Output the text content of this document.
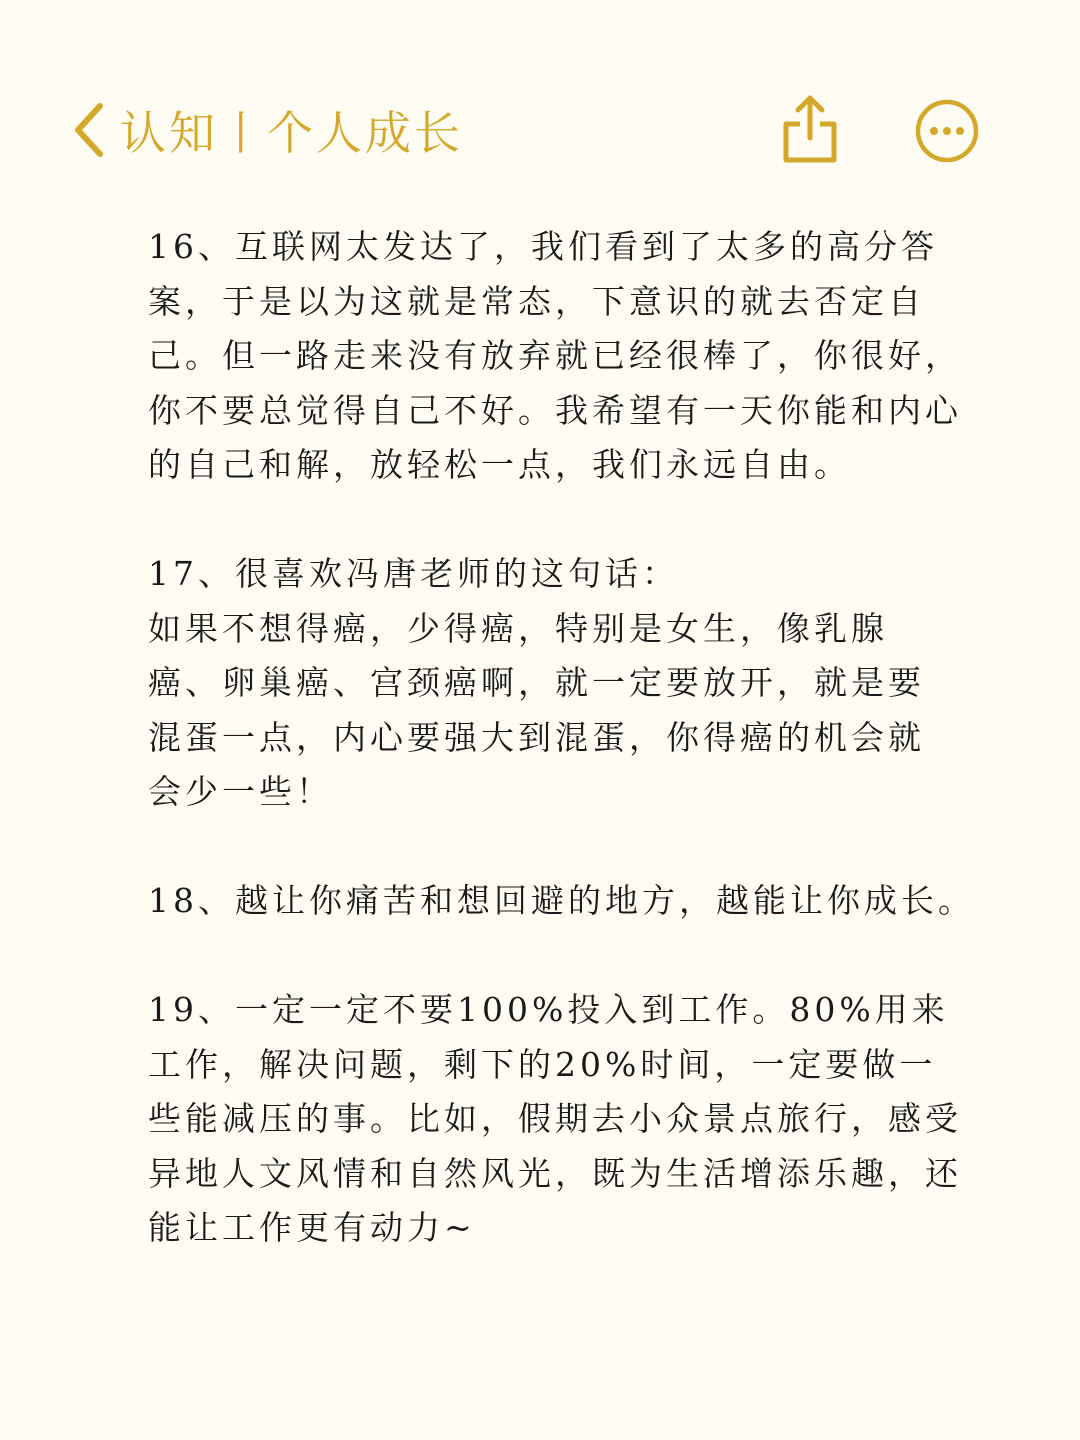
认知丨个人成长
16、互联网太发达了，我们看到了太多的高分答
案，于是以为这就是常态，下意识的就去否定自
己。但一路走来没有放弃就已经很棒了，你很好，
你不要总觉得自己不好。我希望有一天你能和内心
的自己和解，放轻松一点，我们永远自由。
17、很喜欢冯唐老师的这句话：
如果不想得癌，少得癌，特别是女生，像乳腺
癌、卵巢癌、宫颈癌啊，就一定要放开，就是要
混蛋一点，内心要强大到混蛋，你得癌的机会就
会少一些！
18、越让你痛苦和想回避的地方，越能让你成长。
19、一定一定不要100%投入到工作。80%用来
工作，解决问题，剩下的20%时间，一定要做一
些能减压的事。比如，假期去小众景点旅行，感受
异地人文风情和自然风光，既为生活增添乐趣，还
能让工作更有动力~
